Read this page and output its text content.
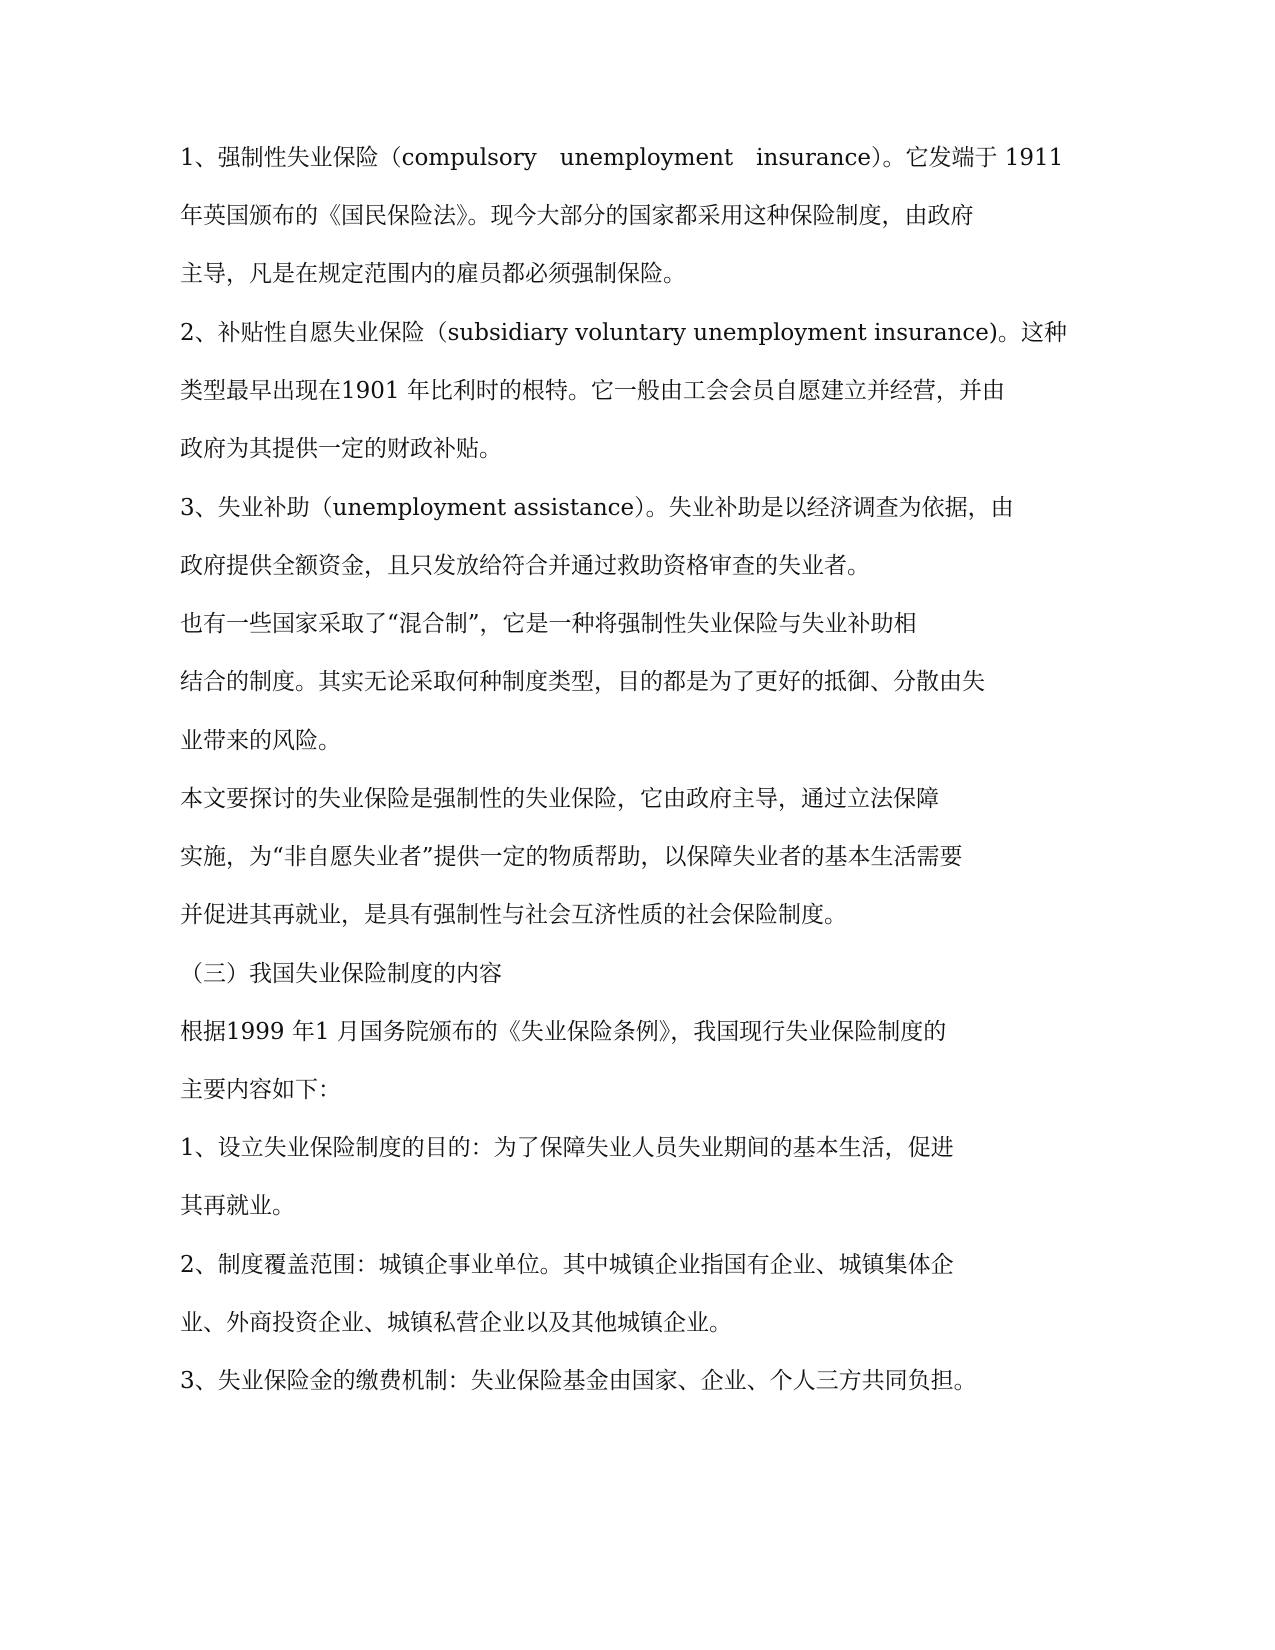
1、强制性失业保险（compulsory　unemployment　insurance）。它发端于 1911

年英国颁布的《国民保险法》。现今大部分的国家都采用这种保险制度，由政府

主导，凡是在规定范围内的雇员都必须强制保险。

2、补贴性自愿失业保险（subsidiary voluntary unemployment insurance)。这种

类型最早出现在1901 年比利时的根特。它一般由工会会员自愿建立并经营，并由

政府为其提供一定的财政补贴。

3、失业补助（unemployment assistance）。失业补助是以经济调查为依据，由

政府提供全额资金，且只发放给符合并通过救助资格审查的失业者。

也有一些国家采取了“混合制”，它是一种将强制性失业保险与失业补助相

结合的制度。其实无论采取何种制度类型，目的都是为了更好的抵御、分散由失

业带来的风险。

本文要探讨的失业保险是强制性的失业保险，它由政府主导，通过立法保障

实施，为“非自愿失业者”提供一定的物质帮助，以保障失业者的基本生活需要

并促进其再就业，是具有强制性与社会互济性质的社会保险制度。

（三）我国失业保险制度的内容

根据1999 年1 月国务院颁布的《失业保险条例》，我国现行失业保险制度的

主要内容如下：

1、设立失业保险制度的目的：为了保障失业人员失业期间的基本生活，促进

其再就业。

2、制度覆盖范围：城镇企事业单位。其中城镇企业指国有企业、城镇集体企

业、外商投资企业、城镇私营企业以及其他城镇企业。

3、失业保险金的缴费机制：失业保险基金由国家、企业、个人三方共同负担。
